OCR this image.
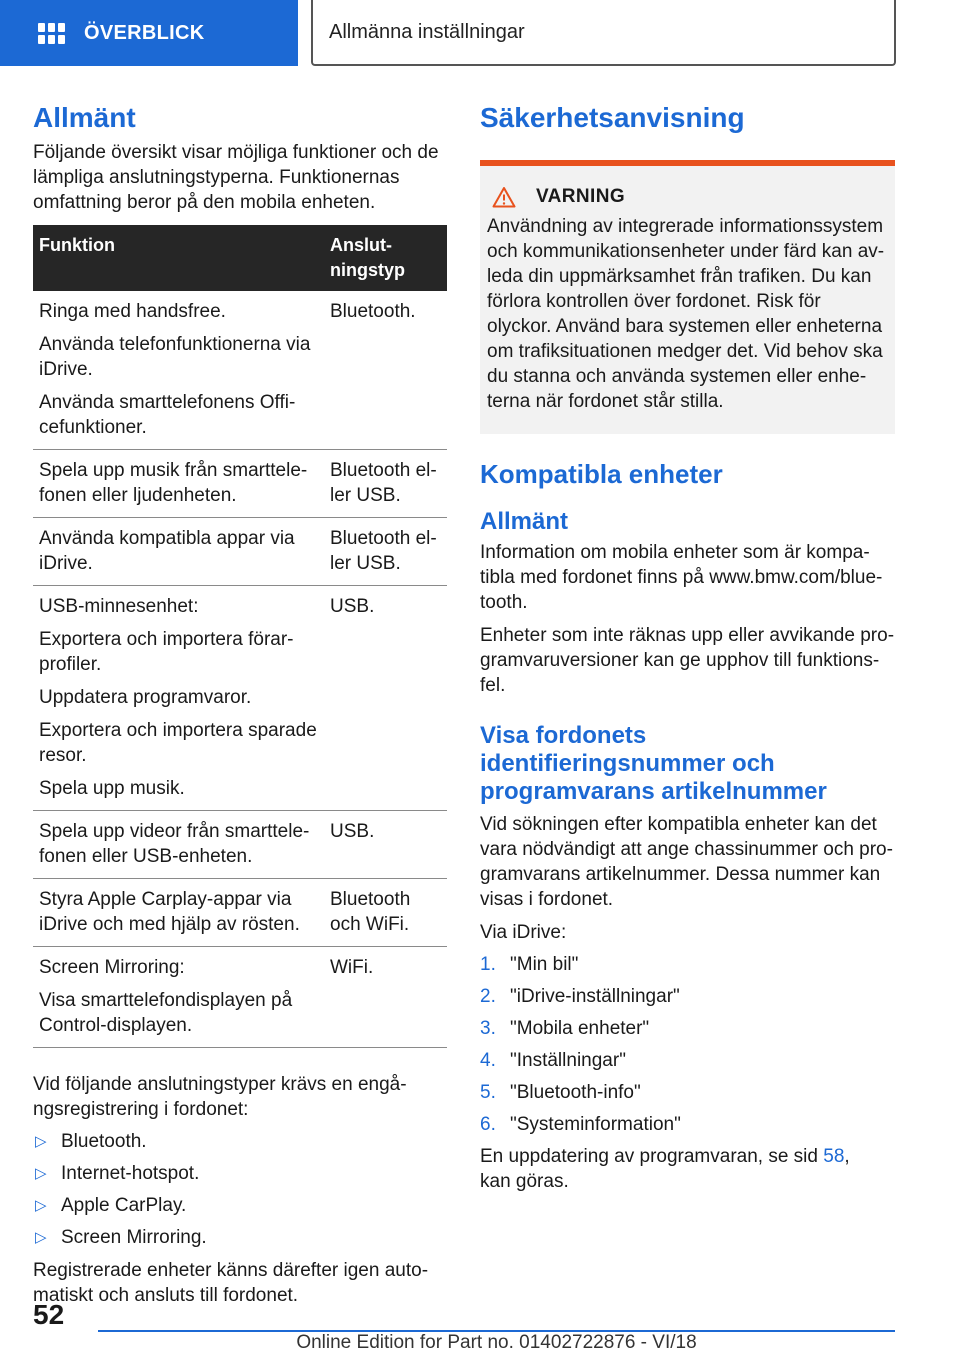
ÖVERBLICK	Allmänna inställningar
Allmänt

Följande översikt visar möjliga funktioner och de lämpliga anslutningstyperna. Funktionernas omfattning beror på den mobila enheten.

Funktion	Anslutningstyp
Ringa med handsfree.
Använda telefonfunktionerna via iDrive.
Använda smarttelefonens Officefunktioner.
Bluetooth.
Spela upp musik från smarttelefonen eller ljudenheten.
Bluetooth eller USB.
Använda kompatibla appar via iDrive.
Bluetooth eller USB.
USB-minnesenhet:
Exportera och importera förarprofiler.
Uppdatera programvaror.
Exportera och importera sparade resor.
Spela upp musik.
USB.
Spela upp videor från smarttelefonen eller USB-enheten.
USB.
Styra Apple Carplay-appar via iDrive och med hjälp av rösten.
Bluetooth och WiFi.
Screen Mirroring:
Visa smarttelefondisplayen på Control-displayen.
WiFi.

Vid följande anslutningstyper krävs en engångsregistrering i fordonet:

▷ Bluetooth.
▷ Internet-hotspot.
▷ Apple CarPlay.
▷ Screen Mirroring.

Registrerade enheter känns därefter igen automatiskt och ansluts till fordonet.

Säkerhetsanvisning
VARNING

Användning av integrerade informationssystem och kommunikationsenheter under färd kan avleda din uppmärksamhet från trafiken. Du kan förlora kontrollen över fordonet. Risk för olyckor. Använd bara systemen eller enheterna om trafiksituationen medger det. Vid behov ska du stanna och använda systemen eller enheterna när fordonet står stilla.

Kompatibla enheter
Allmänt

Information om mobila enheter som är kompatibla med fordonet finns på www.bmw.com/bluetooth.

Enheter som inte räknas upp eller avvikande programvaruversioner kan ge upphov till funktionsfel.

Visa fordonets identifieringsnummer och programvarans artikelnummer

Vid sökningen efter kompatibla enheter kan det vara nödvändigt att ange chassinummer och programvarans artikelnummer. Dessa nummer kan visas i fordonet.

Via iDrive:

1. "Min bil"
2. "iDrive-inställningar"
3. "Mobila enheter"
4. "Inställningar"
5. "Bluetooth-info"
6. "Systeminformation"

En uppdatering av programvaran, se sid 58,
kan göras.

52
Online Edition for Part no. 01402722876 - VI/18
